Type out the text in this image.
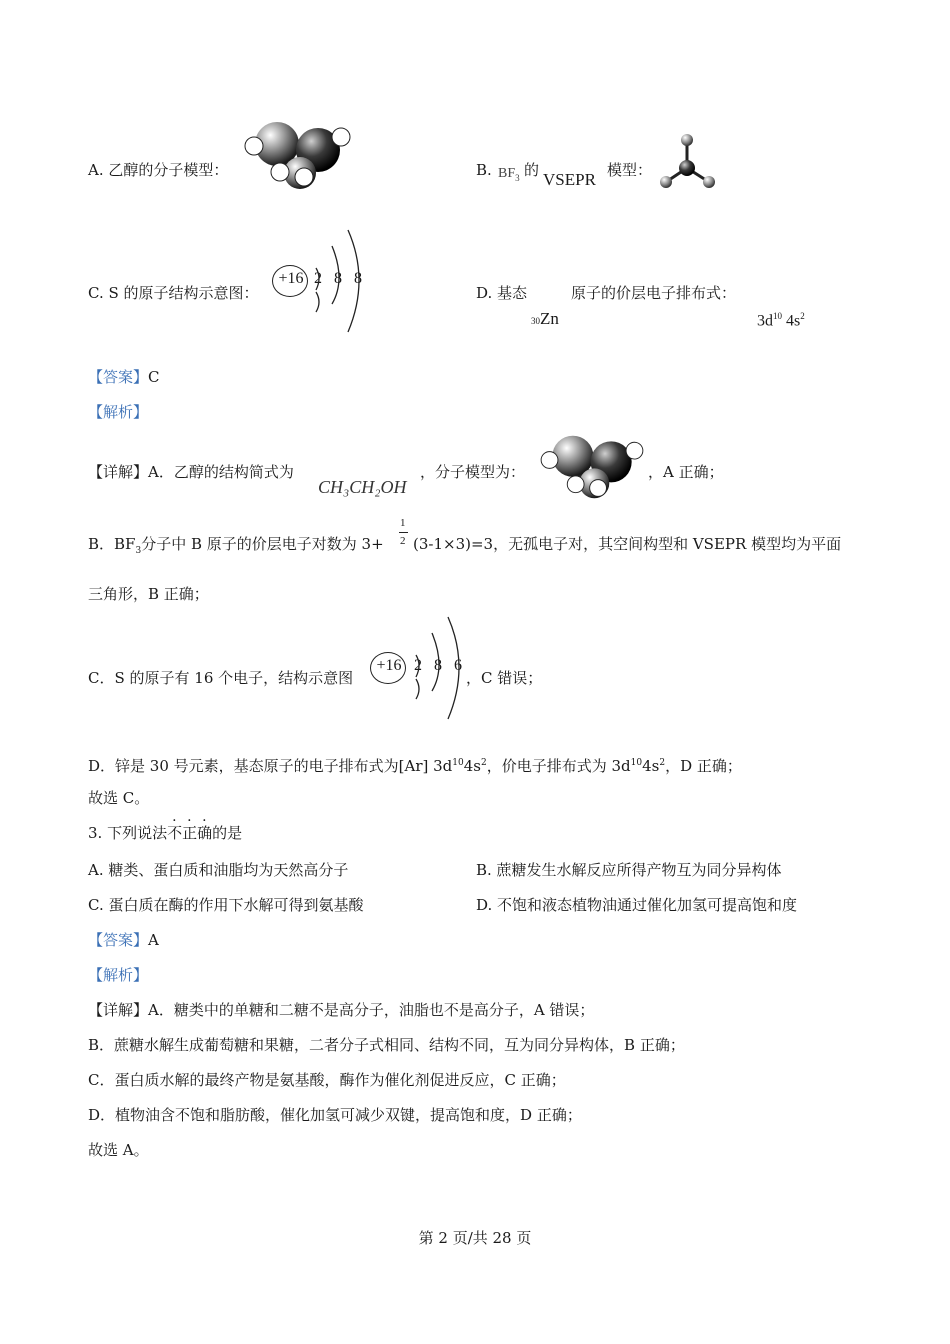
A. 乙醇的分子模型：	B. $BF_3$ 的 VSEPR 模型：
C. S 的原子结构示意图：
+16 2 8 8
D. 基态	原子的价层电子排布式：
30Zn	$3d^{10}$ $4s^2$
【答案】C
【解析】
【详解】A．乙醇的结构简式为
CH₃CH₂OH
，分子模型为：	，A 正确；
B．$BF_3$分子中 B 原子的价层电子对数为 3+
1
2 (3-1×3)=3，无孤电子对，其空间构型和 VSEPR 模型均为平面
三角形，B 正确；
C．S 的原子有 16 个电子，结构示意图
+16 2 8 6
，C 错误；
D．锌是 30 号元素，基态原子的电子排布式为[Ar] $3d^{10}4s^2$，价电子排布式为 $3d^{10}4s^2$，D 正确；
故选 C。
3. 下列说法不正确的是
A. 糖类、蛋白质和油脂均为天然高分子	B. 蔗糖发生水解反应所得产物互为同分异构体
C. 蛋白质在酶的作用下水解可得到氨基酸	D. 不饱和液态植物油通过催化加氢可提高饱和度
【答案】A
【解析】
【详解】A．糖类中的单糖和二糖不是高分子，油脂也不是高分子，A 错误；
B．蔗糖水解生成葡萄糖和果糖，二者分子式相同、结构不同，互为同分异构体，B 正确；
C．蛋白质水解的最终产物是氨基酸，酶作为催化剂促进反应，C 正确；
D．植物油含不饱和脂肪酸，催化加氢可减少双键，提高饱和度，D 正确；
故选 A。
第 2 页/共 28 页
